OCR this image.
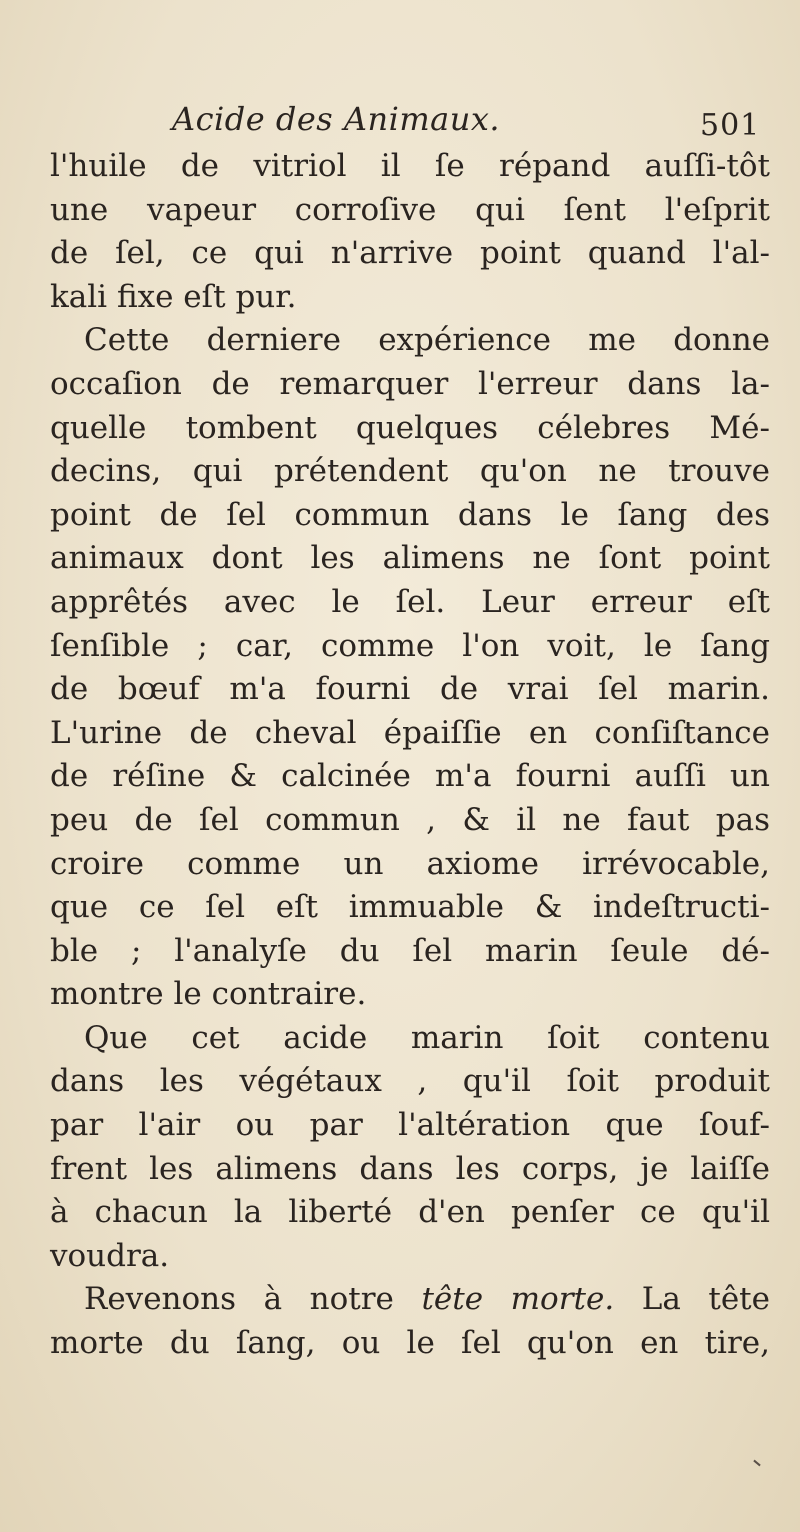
Acide des Animaux.	501
l'huile de vitriol il ſe répand auſſi-tôt
une vapeur corroſive qui ſent l'eſprit
de ſel, ce qui n'arrive point quand l'al-
kali fixe eſt pur.
Cette derniere expérience me donne
occaſion de remarquer l'erreur dans la-
quelle tombent quelques célebres Mé-
decins, qui prétendent qu'on ne trouve
point de ſel commun dans le ſang des
animaux dont les alimens ne ſont point
apprêtés avec le ſel. Leur erreur eſt
ſenſible ; car, comme l'on voit, le ſang
de bœuf m'a fourni de vrai ſel marin.
L'urine de cheval épaiſſie en conſiſtance
de réſine & calcinée m'a fourni auſſi un
peu de ſel commun , & il ne faut pas
croire comme un axiome irrévocable,
que ce ſel eſt immuable & indeſtructi-
ble ; l'analyſe du ſel marin ſeule dé-
montre le contraire.
Que cet acide marin ſoit contenu
dans les végétaux , qu'il ſoit produit
par l'air ou par l'altération que ſouf-
frent les alimens dans les corps, je laiſſe
à chacun la liberté d'en penſer ce qu'il
voudra.
Revenons à notre tête morte. La tête
morte du ſang, ou le ſel qu'on en tire,
